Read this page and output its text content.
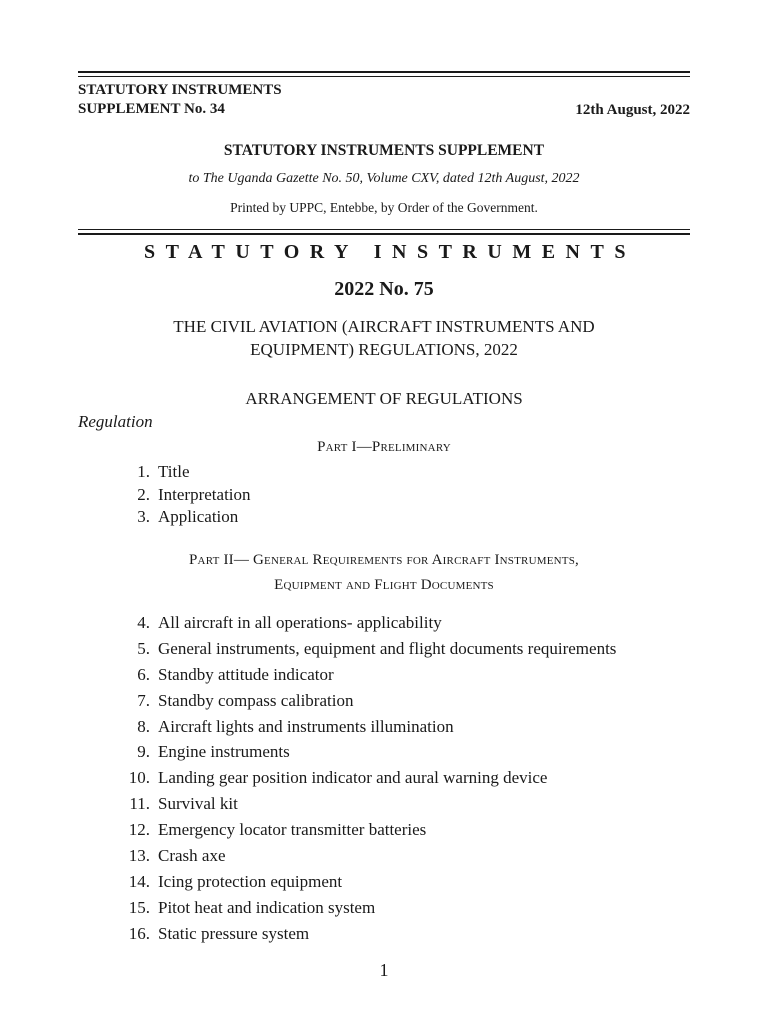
STATUTORY INSTRUMENTS
SUPPLEMENT No. 34	12th August, 2022
STATUTORY INSTRUMENTS SUPPLEMENT
to The Uganda Gazette No. 50, Volume CXV, dated 12th August, 2022
Printed by UPPC, Entebbe, by Order of the Government.
STATUTORY INSTRUMENTS
2022 No. 75
THE CIVIL AVIATION (AIRCRAFT INSTRUMENTS AND
EQUIPMENT) REGULATIONS, 2022
ARRANGEMENT OF REGULATIONS
Regulation
Part I—Preliminary
1. Title
2. Interpretation
3. Application
Part II— General Requirements for Aircraft Instruments,
Equipment and Flight Documents
4. All aircraft in all operations- applicability
5. General instruments, equipment and flight documents requirements
6. Standby attitude indicator
7. Standby compass calibration
8. Aircraft lights and instruments illumination
9. Engine instruments
10. Landing gear position indicator and aural warning device
11. Survival kit
12. Emergency locator transmitter batteries
13. Crash axe
14. Icing protection equipment
15. Pitot heat and indication system
16. Static pressure system
1
